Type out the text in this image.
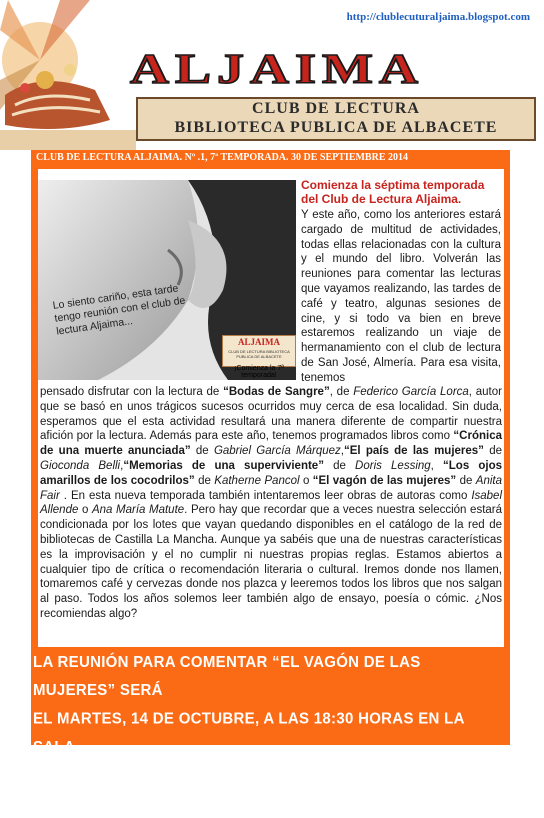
http://clublecuturaljaima.blogspot.com
ALJAIMA
CLUB DE LECTURA
BIBLIOTECA PUBLICA DE ALBACETE
CLUB DE LECTURA ALJAIMA. Nº .1, 7ª TEMPORADA. 30 DE SEPTIEMBRE 2014
Lo siento cariño, esta tarde tengo reunión con el club de lectura Aljaima...
ALJAIMA
CLUB DE LECTURA BIBLIOTECA PUBLICA DE ALBACETE
¡Comienza la 7ª temporada!
Comienza la séptima temporada del Club de Lectura Aljaima.
Y este año, como los anteriores estará cargado de multitud de actividades, todas ellas relacionadas con la cultura y el mundo del libro. Volverán las reuniones para comentar las lecturas que vayamos realizando, las tardes de café y teatro, algunas sesiones de cine, y si todo va bien en breve estaremos realizando un viaje de hermanamiento con el club de lectura de San José, Almería. Para esa visita, tenemos
pensado disfrutar con la lectura de “Bodas de Sangre”, de Federico García Lorca, autor que se basó en unos trágicos sucesos ocurridos muy cerca de esa localidad. Sin duda, esperamos que el esta actividad resultará una manera diferente de compartir nuestra afición por la lectura. Además para este año, tenemos programados libros como “Crónica de una muerte anunciada” de Gabriel García Márquez,“El país de las mujeres” de Gioconda Belli,“Memorias de una superviviente” de Doris Lessing, “Los ojos amarillos de los cocodrilos” de Katherne Pancol o “El vagón de las mujeres” de Anita Fair . En esta nueva temporada también intentaremos leer obras de autoras como Isabel Allende o Ana María Matute. Pero hay que recordar que a veces nuestra selección estará condicionada por los lotes que vayan quedando disponibles en el catálogo de la red de bibliotecas de Castilla La Mancha. Aunque ya sabéis que una de nuestras características es la improvisación y el no cumplir ni nuestras propias reglas. Estamos abiertos a cualquier tipo de crítica o recomendación literaria o cultural. Iremos donde nos llamen, tomaremos café y cervezas donde nos plazca y leeremos todos los libros que nos salgan al paso. Todos los años solemos leer también algo de ensayo, poesía o cómic. ¿Nos recomiendas algo?
LA REUNIÓN PARA COMENTAR “EL VAGÓN DE LAS MUJERES” SERÁ
EL MARTES, 14 DE OCTUBRE, A LAS 18:30 HORAS EN LA SALA
BARCELÓ, (3ª PLANTA) DE LA BIBLIOTECA PÚBLICA DE ALBACETE
